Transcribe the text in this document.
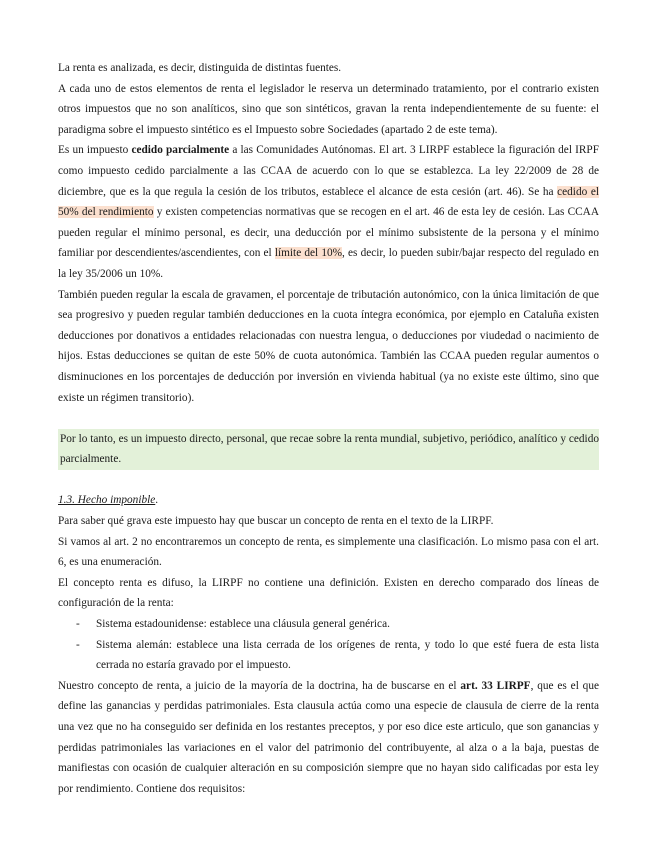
La renta es analizada, es decir, distinguida de distintas fuentes.

A cada uno de estos elementos de renta el legislador le reserva un determinado tratamiento, por el contrario existen otros impuestos que no son analíticos, sino que son sintéticos, gravan la renta independientemente de su fuente: el paradigma sobre el impuesto sintético es el Impuesto sobre Sociedades (apartado 2 de este tema).

Es un impuesto cedido parcialmente a las Comunidades Autónomas. El art. 3 LIRPF establece la figuración del IRPF como impuesto cedido parcialmente a las CCAA de acuerdo con lo que se establezca. La ley 22/2009 de 28 de diciembre, que es la que regula la cesión de los tributos, establece el alcance de esta cesión (art. 46). Se ha cedido el 50% del rendimiento y existen competencias normativas que se recogen en el art. 46 de esta ley de cesión. Las CCAA pueden regular el mínimo personal, es decir, una deducción por el mínimo subsistente de la persona y el mínimo familiar por descendientes/ascendientes, con el límite del 10%, es decir, lo pueden subir/bajar respecto del regulado en la ley 35/2006 un 10%.

También pueden regular la escala de gravamen, el porcentaje de tributación autonómico, con la única limitación de que sea progresivo y pueden regular también deducciones en la cuota íntegra económica, por ejemplo en Cataluña existen deducciones por donativos a entidades relacionadas con nuestra lengua, o deducciones por viudedad o nacimiento de hijos. Estas deducciones se quitan de este 50% de cuota autonómica. También las CCAA pueden regular aumentos o disminuciones en los porcentajes de deducción por inversión en vivienda habitual (ya no existe este último, sino que existe un régimen transitorio).

Por lo tanto, es un impuesto directo, personal, que recae sobre la renta mundial, subjetivo, periódico, analítico y cedido parcialmente.

1.3. Hecho imponible.

Para saber qué grava este impuesto hay que buscar un concepto de renta en el texto de la LIRPF.

Si vamos al art. 2 no encontraremos un concepto de renta, es simplemente una clasificación. Lo mismo pasa con el art. 6, es una enumeración.

El concepto renta es difuso, la LIRPF no contiene una definición. Existen en derecho comparado dos líneas de configuración de la renta:

- Sistema estadounidense: establece una cláusula general genérica.
- Sistema alemán: establece una lista cerrada de los orígenes de renta, y todo lo que esté fuera de esta lista cerrada no estaría gravado por el impuesto.

Nuestro concepto de renta, a juicio de la mayoría de la doctrina, ha de buscarse en el art. 33 LIRPF, que es el que define las ganancias y perdidas patrimoniales. Esta clausula actúa como una especie de clausula de cierre de la renta una vez que no ha conseguido ser definida en los restantes preceptos, y por eso dice este articulo, que son ganancias y perdidas patrimoniales las variaciones en el valor del patrimonio del contribuyente, al alza o a la baja, puestas de manifiestas con ocasión de cualquier alteración en su composición siempre que no hayan sido calificadas por esta ley por rendimiento. Contiene dos requisitos:
